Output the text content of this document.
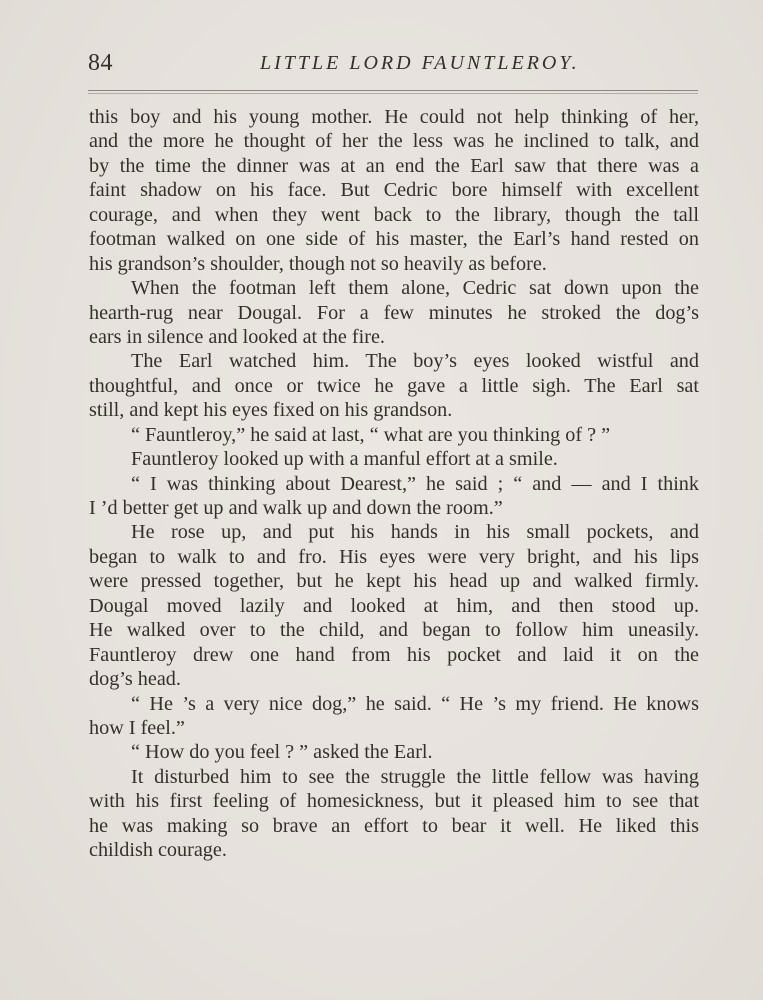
84	LITTLE LORD FAUNTLEROY.
this boy and his young mother. He could not help thinking of her,
and the more he thought of her the less was he inclined to talk, and
by the time the dinner was at an end the Earl saw that there was a
faint shadow on his face. But Cedric bore himself with excellent
courage, and when they went back to the library, though the tall
footman walked on one side of his master, the Earl’s hand rested on
his grandson’s shoulder, though not so heavily as before.
When the footman left them alone, Cedric sat down upon the
hearth-rug near Dougal. For a few minutes he stroked the dog’s
ears in silence and looked at the fire.
The Earl watched him. The boy’s eyes looked wistful and
thoughtful, and once or twice he gave a little sigh. The Earl sat
still, and kept his eyes fixed on his grandson.
“ Fauntleroy,” he said at last, “ what are you thinking of ? ”
Fauntleroy looked up with a manful effort at a smile.
“ I was thinking about Dearest,” he said ; “ and — and I think
I ’d better get up and walk up and down the room.”
He rose up, and put his hands in his small pockets, and
began to walk to and fro. His eyes were very bright, and his lips
were pressed together, but he kept his head up and walked firmly.
Dougal moved lazily and looked at him, and then stood up.
He walked over to the child, and began to follow him uneasily.
Fauntleroy drew one hand from his pocket and laid it on the
dog’s head.
“ He ’s a very nice dog,” he said. “ He ’s my friend. He knows
how I feel.”
“ How do you feel ? ” asked the Earl.
It disturbed him to see the struggle the little fellow was having
with his first feeling of homesickness, but it pleased him to see that
he was making so brave an effort to bear it well. He liked this
childish courage.
